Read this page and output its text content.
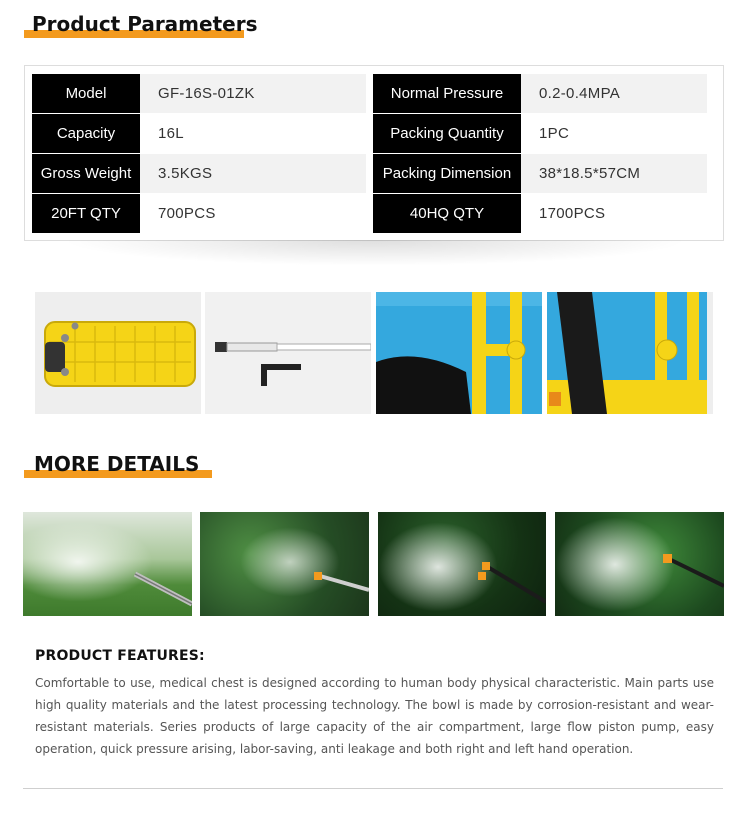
Product Parameters
Model	GF-16S-01ZK
Capacity	16L
Gross Weight	3.5KGS
20FT QTY	700PCS
Normal Pressure	0.2-0.4MPA
Packing Quantity	1PC
Packing Dimension	38*18.5*57CM
40HQ QTY	1700PCS
MORE DETAILS
PRODUCT FEATURES:
Comfortable to use, medical chest is designed according to human body physical characteristic. Main parts use high quality materials and the latest processing technology. The bowl is made by corrosion-resistant and wear-resistant materials. Series products of large capacity of the air compartment, large flow piston pump, easy operation, quick pressure arising, labor-saving, anti leakage and both right and left hand operation.
